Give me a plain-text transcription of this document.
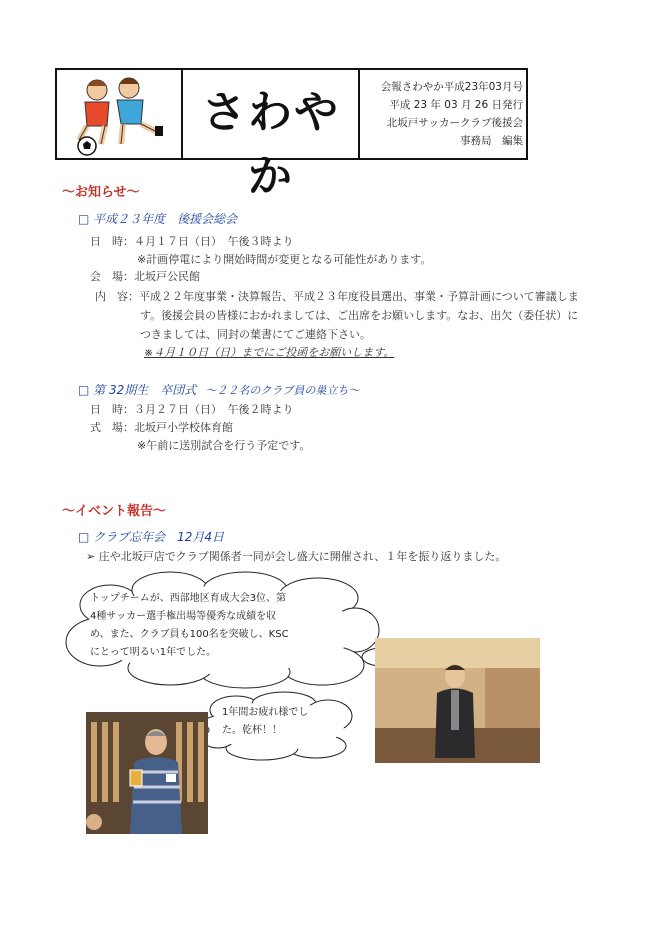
さわやか
会報さわやか平成23年03月号
平成 23 年 03 月 26 日発行
北坂戸サッカークラブ後援会
事務局　編集
～お知らせ～
□ 平成２３年度　後援会総会
日　時：４月１７日（日）　午後３時より
※計画停電により開始時間が変更となる可能性があります。
会　場：北坂戸公民館
内　容：平成２２年度事業・決算報告、平成２３年度役員選出、事業・予算計画について審議しま
す。後援会員の皆様におかれましては、ご出席をお願いします。なお、出欠（委任状）に
つきましては、同封の葉書にてご連絡下さい。
※４月１０日（日）までにご投函をお願いします。
□ 第 32期生　卒団式 ～２２名のクラブ員の巣立ち～
日　時：３月２７日（日）　午後２時より
式　場：北坂戸小学校体育館
※午前に送別試合を行う予定です。
～イベント報告～
□ クラブ忘年会　12月4日
➢ 庄や北坂戸店でクラブ関係者一同が会し盛大に開催され、１年を振り返りました。
トップチームが、西部地区育成大会3位、第
4種サッカー選手権出場等優秀な成績を収
め、また、クラブ員も100名を突破し、KSC
にとって明るい1年でした。
1年間お疲れ様でし
た。乾杯！！
